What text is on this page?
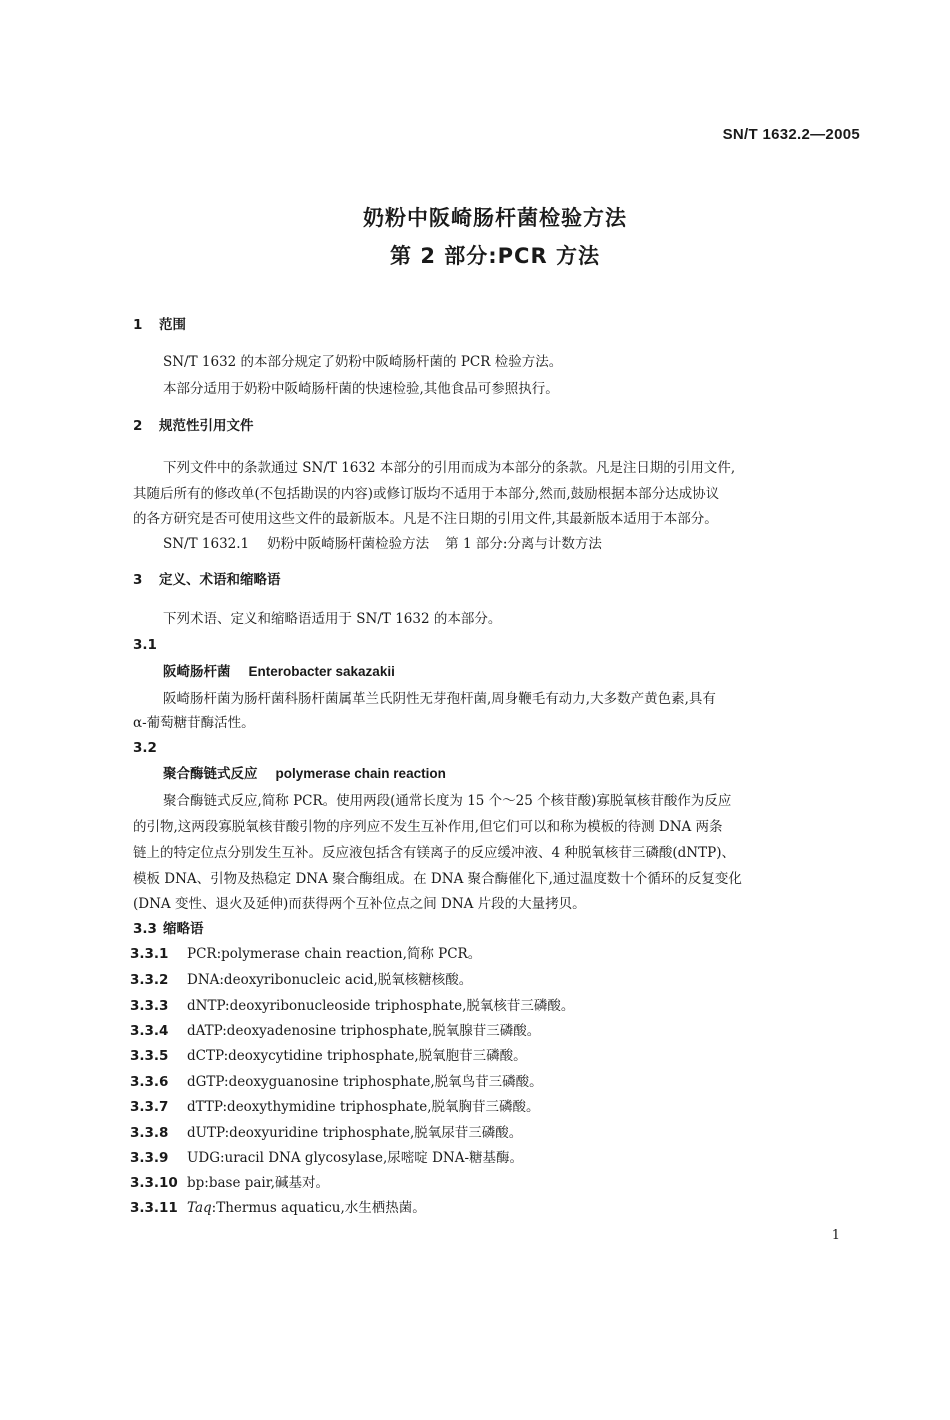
SN/T 1632.2—2005
奶粉中阪崎肠杆菌检验方法
第 2 部分:PCR 方法
1 范围
SN/T 1632 的本部分规定了奶粉中阪崎肠杆菌的 PCR 检验方法。
本部分适用于奶粉中阪崎肠杆菌的快速检验,其他食品可参照执行。
2 规范性引用文件
下列文件中的条款通过 SN/T 1632 本部分的引用而成为本部分的条款。凡是注日期的引用文件,
其随后所有的修改单(不包括勘误的内容)或修订版均不适用于本部分,然而,鼓励根据本部分达成协议
的各方研究是否可使用这些文件的最新版本。凡是不注日期的引用文件,其最新版本适用于本部分。
SN/T 1632.1 奶粉中阪崎肠杆菌检验方法 第 1 部分:分离与计数方法
3 定义、术语和缩略语
下列术语、定义和缩略语适用于 SN/T 1632 的本部分。
3.1
阪崎肠杆菌 Enterobacter sakazakii
阪崎肠杆菌为肠杆菌科肠杆菌属革兰氏阴性无芽孢杆菌,周身鞭毛有动力,大多数产黄色素,具有
α-葡萄糖苷酶活性。
3.2
聚合酶链式反应 polymerase chain reaction
聚合酶链式反应,简称 PCR。使用两段(通常长度为 15 个～25 个核苷酸)寡脱氧核苷酸作为反应
的引物,这两段寡脱氧核苷酸引物的序列应不发生互补作用,但它们可以和称为模板的待测 DNA 两条
链上的特定位点分别发生互补。反应液包括含有镁离子的反应缓冲液、4 种脱氧核苷三磷酸(dNTP)、
模板 DNA、引物及热稳定 DNA 聚合酶组成。在 DNA 聚合酶催化下,通过温度数十个循环的反复变化
(DNA 变性、退火及延伸)而获得两个互补位点之间 DNA 片段的大量拷贝。
3.3 缩略语
3.3.1 PCR:polymerase chain reaction,简称 PCR。
3.3.2 DNA:deoxyribonucleic acid,脱氧核糖核酸。
3.3.3 dNTP:deoxyribonucleoside triphosphate,脱氧核苷三磷酸。
3.3.4 dATP:deoxyadenosine triphosphate,脱氧腺苷三磷酸。
3.3.5 dCTP:deoxycytidine triphosphate,脱氧胞苷三磷酸。
3.3.6 dGTP:deoxyguanosine triphosphate,脱氧鸟苷三磷酸。
3.3.7 dTTP:deoxythymidine triphosphate,脱氧胸苷三磷酸。
3.3.8 dUTP:deoxyuridine triphosphate,脱氧尿苷三磷酸。
3.3.9 UDG:uracil DNA glycosylase,尿嘧啶 DNA-糖基酶。
3.3.10 bp:base pair,碱基对。
3.3.11 Taq:Thermus aquaticu,水生栖热菌。
1
